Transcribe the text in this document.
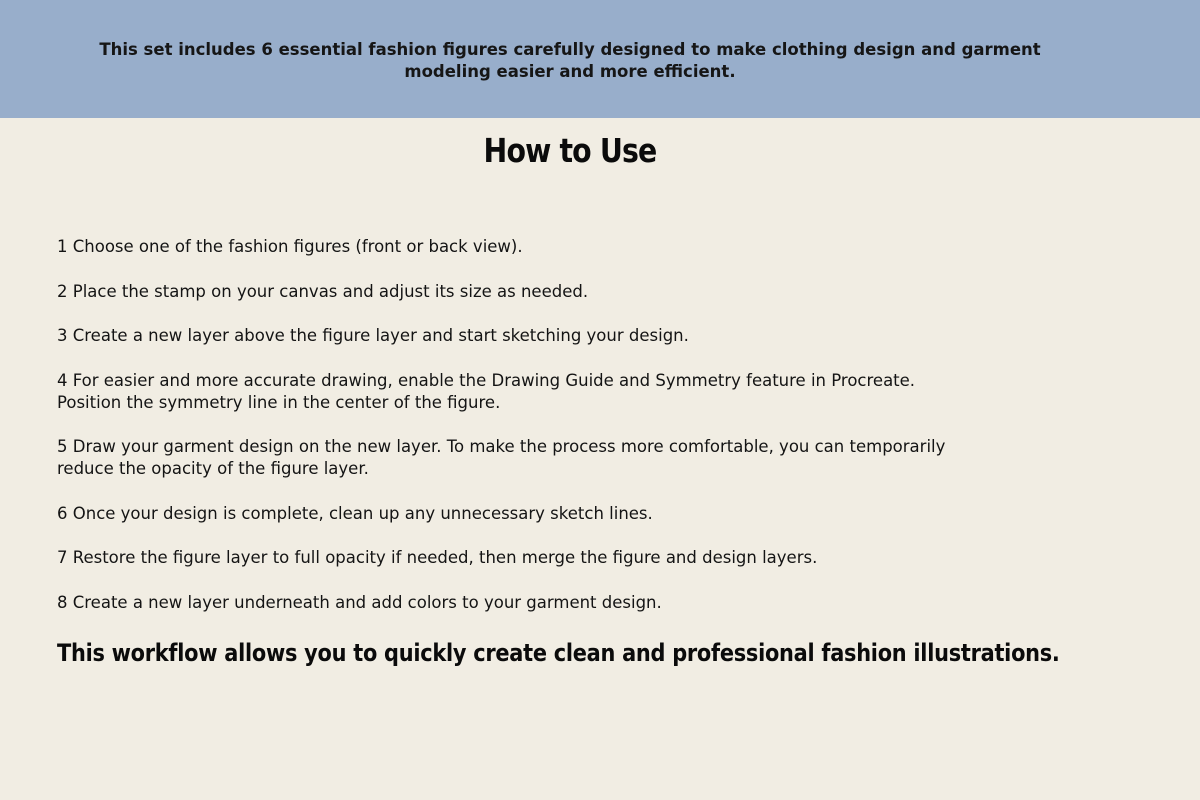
This set includes 6 essential fashion figures carefully designed to make clothing design and garment
modeling easier and more efficient.
How to Use
1 Choose one of the fashion figures (front or back view).
2 Place the stamp on your canvas and adjust its size as needed.
3 Create a new layer above the figure layer and start sketching your design.
4 For easier and more accurate drawing, enable the Drawing Guide and Symmetry feature in Procreate.
Position the symmetry line in the center of the figure.
5 Draw your garment design on the new layer. To make the process more comfortable, you can temporarily
reduce the opacity of the figure layer.
6 Once your design is complete, clean up any unnecessary sketch lines.
7 Restore the figure layer to full opacity if needed, then merge the figure and design layers.
8 Create a new layer underneath and add colors to your garment design.
This workflow allows you to quickly create clean and professional fashion illustrations.
